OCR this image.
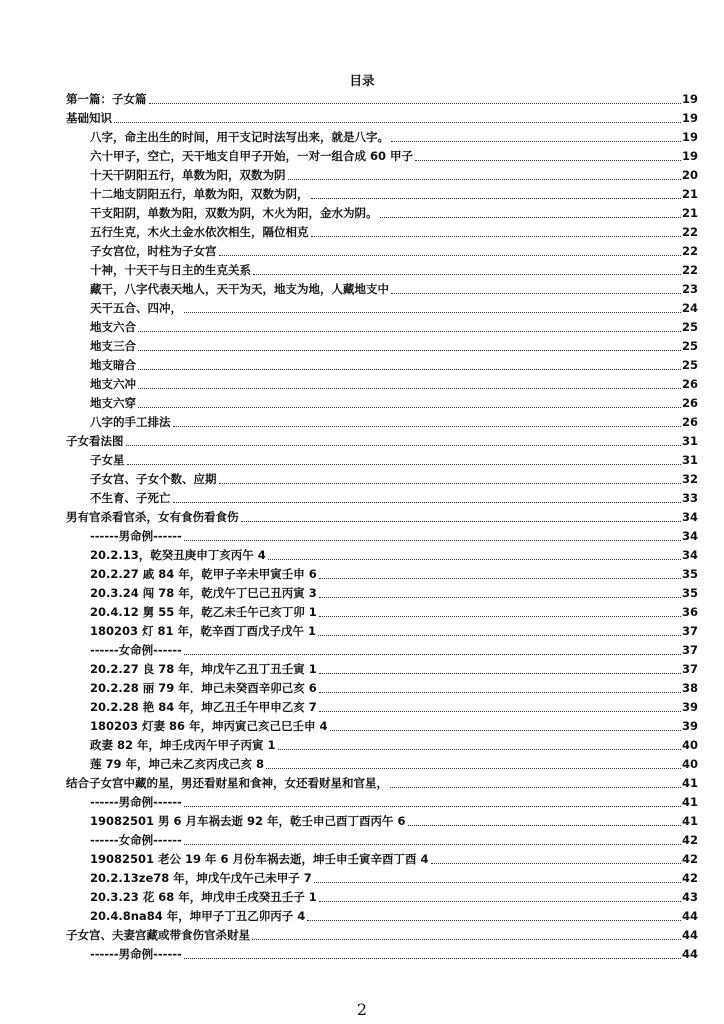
目录
第一篇：子女篇	19
基础知识	19
八字，命主出生的时间，用干支记时法写出来，就是八字。	19
六十甲子，空亡，天干地支自甲子开始，一对一组合成 60 甲子	19
十天干阴阳五行，单数为阳，双数为阴	20
十二地支阴阳五行，单数为阳，双数为阴，	21
干支阳阴，单数为阳，双数为阴，木火为阳，金水为阴。	21
五行生克，木火土金水依次相生，隔位相克	22
子女宫位，时柱为子女宫	22
十神，十天干与日主的生克关系	22
藏干，八字代表天地人，天干为天，地支为地，人藏地支中	23
天干五合、四冲，	24
地支六合	25
地支三合	25
地支暗合	25
地支六冲	26
地支六穿	26
八字的手工排法	26
子女看法图	31
子女星	31
子女宫、子女个数、应期	32
不生育、子死亡	33
男有官杀看官杀，女有食伤看食伤	34
------男命例------	34
20.2.13，乾癸丑庚申丁亥丙午 4	34
20.2.27 戚 84 年，乾甲子辛未甲寅壬申 6	35
20.3.24 闯 78 年，乾戊午丁巳己丑丙寅 3	35
20.4.12 舅 55 年，乾乙未壬午己亥丁卯 1	36
180203 灯 81 年，乾辛酉丁酉戊子戊午 1	37
------女命例------	37
20.2.27 良 78 年，坤戊午乙丑丁丑壬寅 1	37
20.2.28 丽 79 年．坤己未癸酉辛卯己亥 6	38
20.2.28 艳 84 年，坤乙丑壬午甲申乙亥 7	39
180203 灯妻 86 年，坤丙寅己亥己巳壬申 4	39
政妻 82 年，坤壬戌丙午甲子丙寅 1	40
莲 79 年，坤己未乙亥丙戌己亥 8	40
结合子女宫中藏的星，男还看财星和食神，女还看财星和官星，	41
------男命例------	41
19082501 男 6 月车祸去逝 92 年，乾壬申己酉丁酉丙午 6	41
------女命例------	42
19082501 老公 19 年 6 月份车祸去逝，坤壬申壬寅辛酉丁酉 4	42
20.2.13ze78 年，坤戊午戊午己未甲子 7	42
20.3.23 花 68 年，坤戊申壬戌癸丑壬子 1	43
20.4.8na84 年，坤甲子丁丑乙卯丙子 4	44
子女宫、夫妻宫藏或带食伤官杀财星	44
------男命例------	44
2
